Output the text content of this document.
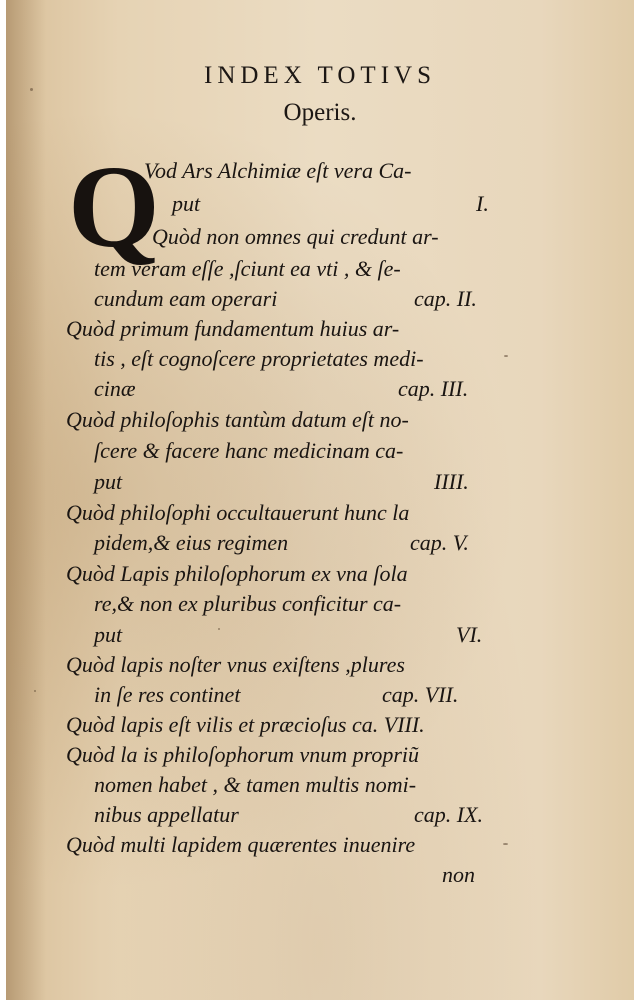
INDEX TOTIVS
Operis.
Q
Vod Ars Alchimiæ eſt vera Ca-
put	I.
Quòd non omnes qui credunt ar-
tem veram eſſe ,ſciunt ea vti , & ſe-
cundum eam operari	cap. II.
Quòd primum fundamentum huius ar-
tis , eſt cognoſcere proprietates medi-
cinæ	cap. III.
Quòd philoſophis tantùm datum eſt no-
ſcere & facere hanc medicinam ca-
put	IIII.
Quòd philoſophi occultauerunt hunc la
pidem,& eius regimen	cap. V.
Quòd Lapis philoſophorum ex vna ſola
re,& non ex pluribus conficitur ca-
put	VI.
Quòd lapis noſter vnus exiſtens ,plures
in ſe res continet	cap. VII.
Quòd lapis eſt vilis et præcioſus ca. VIII.
Quòd la is philoſophorum vnum propriũ
nomen habet , & tamen multis nomi-
nibus appellatur	cap. IX.
Quòd multi lapidem quærentes inuenire
non
